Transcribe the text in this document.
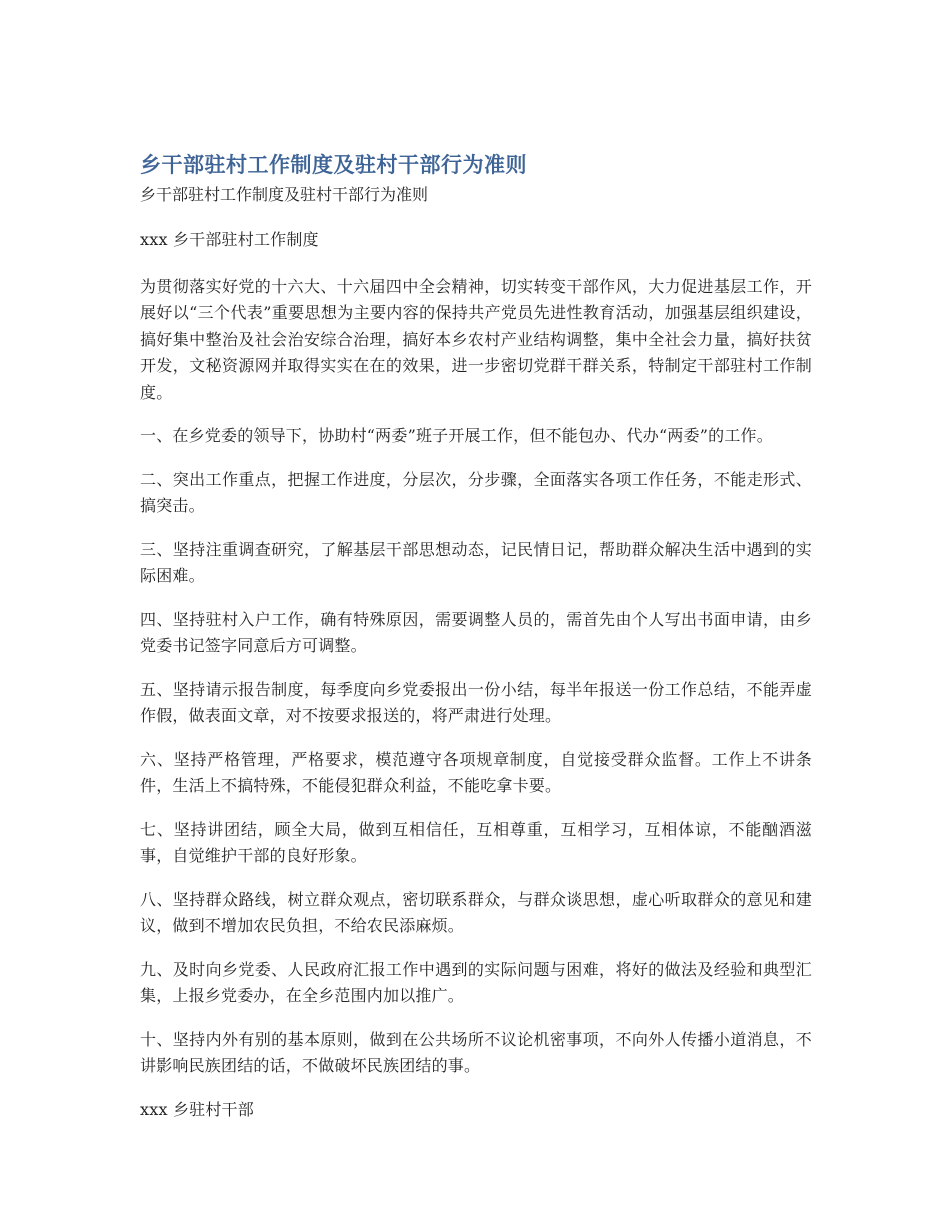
乡干部驻村工作制度及驻村干部行为准则

乡干部驻村工作制度及驻村干部行为准则

xxx 乡干部驻村工作制度

为贯彻落实好党的十六大、十六届四中全会精神，切实转变干部作风，大力促进基层工作，开展好以“三个代表”重要思想为主要内容的保持共产党员先进性教育活动，加强基层组织建设，搞好集中整治及社会治安综合治理，搞好本乡农村产业结构调整，集中全社会力量，搞好扶贫开发，文秘资源网并取得实实在在的效果，进一步密切党群干群关系，特制定干部驻村工作制度。

一、在乡党委的领导下，协助村“两委”班子开展工作，但不能包办、代办“两委”的工作。

二、突出工作重点，把握工作进度，分层次，分步骤，全面落实各项工作任务，不能走形式、搞突击。

三、坚持注重调查研究，了解基层干部思想动态，记民情日记，帮助群众解决生活中遇到的实际困难。

四、坚持驻村入户工作，确有特殊原因，需要调整人员的，需首先由个人写出书面申请，由乡党委书记签字同意后方可调整。

五、坚持请示报告制度，每季度向乡党委报出一份小结，每半年报送一份工作总结，不能弄虚作假，做表面文章，对不按要求报送的，将严肃进行处理。

六、坚持严格管理，严格要求，模范遵守各项规章制度，自觉接受群众监督。工作上不讲条件，生活上不搞特殊，不能侵犯群众利益，不能吃拿卡要。

七、坚持讲团结，顾全大局，做到互相信任，互相尊重，互相学习，互相体谅，不能酗酒滋事，自觉维护干部的良好形象。

八、坚持群众路线，树立群众观点，密切联系群众，与群众谈思想，虚心听取群众的意见和建议，做到不增加农民负担，不给农民添麻烦。

九、及时向乡党委、人民政府汇报工作中遇到的实际问题与困难，将好的做法及经验和典型汇集，上报乡党委办，在全乡范围内加以推广。

十、坚持内外有别的基本原则，做到在公共场所不议论机密事项，不向外人传播小道消息，不讲影响民族团结的话，不做破坏民族团结的事。

xxx 乡驻村干部
